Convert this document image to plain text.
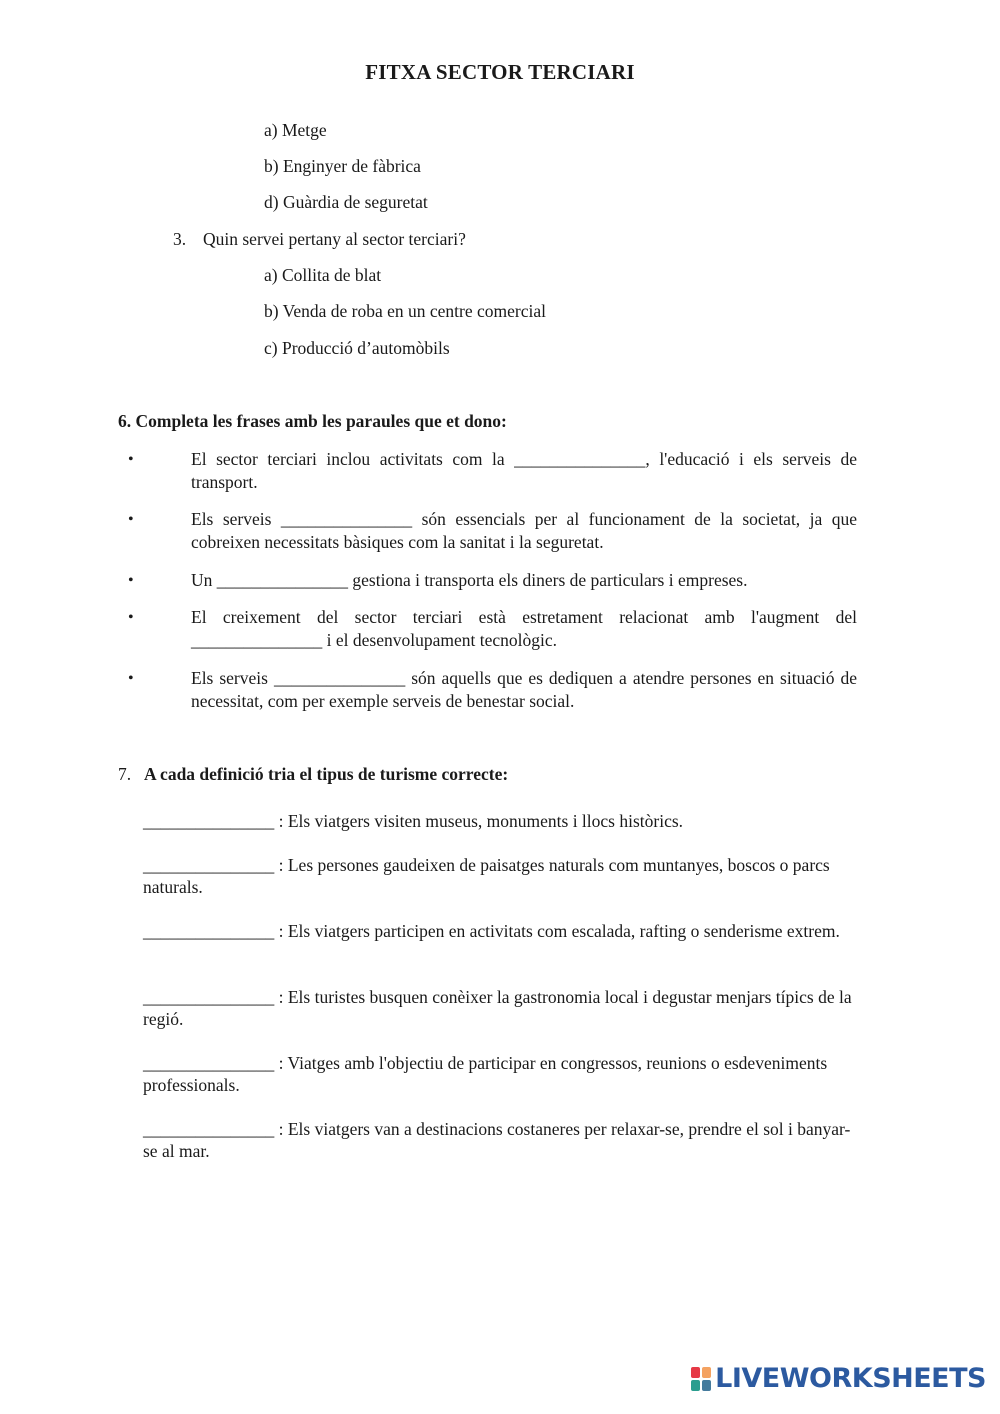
FITXA SECTOR TERCIARI
a) Metge
b) Enginyer de fàbrica
d) Guàrdia de seguretat
3. Quin servei pertany al sector terciari?
a) Collita de blat
b) Venda de roba en un centre comercial
c) Producció d’automòbils
6. Completa les frases amb les paraules que et dono:
•	El sector terciari inclou activitats com la _______________, l'educació i els serveis de transport.
•	Els serveis _______________ són essencials per al funcionament de la societat, ja que cobreixen necessitats bàsiques com la sanitat i la seguretat.
•	Un _______________ gestiona i transporta els diners de particulars i empreses.
•	El creixement del sector terciari està estretament relacionat amb l'augment del _______________ i el desenvolupament tecnològic.
•	Els serveis _______________ són aquells que es dediquen a atendre persones en situació de necessitat, com per exemple serveis de benestar social.
7. A cada definició tria el tipus de turisme correcte:
_______________ : Els viatgers visiten museus, monuments i llocs històrics.
_______________ : Les persones gaudeixen de paisatges naturals com muntanyes, boscos o parcs naturals.
_______________ : Els viatgers participen en activitats com escalada, rafting o senderisme extrem.
_______________ : Els turistes busquen conèixer la gastronomia local i degustar menjars típics de la regió.
_______________ : Viatges amb l'objectiu de participar en congressos, reunions o esdeveniments professionals.
_______________ : Els viatgers van a destinacions costaneres per relaxar-se, prendre el sol i banyar-se al mar.
LIVEWORKSHEETS
